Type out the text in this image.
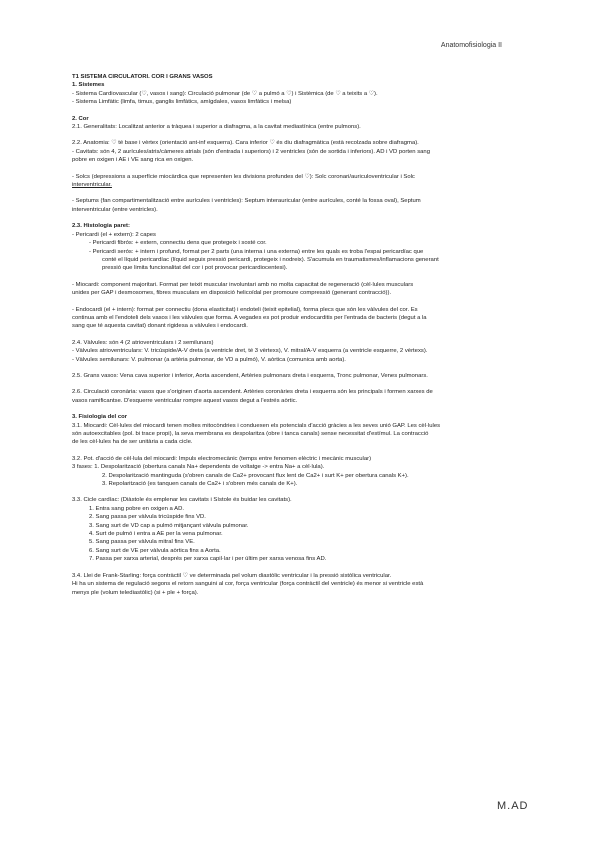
Anatomofisiologia II

T1 SISTEMA CIRCULATORI. COR I GRANS VASOS

1. Sistemes

- Sistema Cardiovascular (♡, vasos i sang): Circulació pulmonar (de ♡ a pulmó a ♡) i Sistèmica (de ♡ a teixits a ♡).

- Sistema Limfàtic (limfa, timus, ganglis limfàtics, amígdales, vasos limfàtics i melsa)

2. Cor

2.1. Generalitats: Localitzat anterior a tràquea i superior a diafragma, a la cavitat mediastínica (entre pulmons).

2.2. Anatomia: ♡ té base i vèrtex (orientació ant-inf esquerra). Cara inferior ♡ és diu diafragmàtica (està recolzada sobre diafragma).

- Cavitats: són 4, 2 aurícules/atris/càmeres atrials (són d'entrada i superiors) i 2 ventricles (són de sortida i inferiors). AD i VD porten sang

pobre en oxigen i AE i VE sang rica en oxigen.

- Solcs (depressions a superfície miocàrdica que representen les divisions profundes del ♡): Solc coronari/auriculoventricular i Solc

interventricular.

- Septums (fan compartimentalització entre aurícules i ventricles): Septum interauricular (entre aurícules, conté la fossa oval), Septum

interventricular (entre ventricles).

2.3. Histologia paret:

- Pericardi (el + extern): 2 capes

- Pericardi fibrós: + extern, connectiu dens que protegeix i sosté cor.

- Pericardi serós: + intern i profund, format per 2 parts (una interna i una externa) entre les quals es troba l'espai pericardíac que

conté el líquid pericardíac (líquid seguix pressió pericardi, protegeix i nodreix). S'acumula en traumatismes/inflamacions generant

pressió que limita funcionalitat del cor i pot provocar pericardiocentesi).

- Miocardi: component majoritari. Format per teixit muscular involuntari amb no molta capacitat de regeneració (cèl·lules musculars

unides per GAP i desmosomes, fibres musculars en disposició helicoïdal per promoure compressió (generant contracció)).

- Endocardi (el + intern): format per connectiu (dona elasticitat) i endoteli (teixit epitelial), forma plecs que són les vàlvules del cor. Es

continua amb el l'endoteli dels vasos i les vàlvules que forma. A vegades es pot produir endocarditis per l'entrada de bacteris (degut a la

sang que té aquesta cavitat) donant rigidesa a vàlvules i endocardi.

2.4. Vàlvules: són 4 (2 atrioventriculars i 2 semilunars)

- Vàlvules atrioventriculars: V. tricúspide/A-V dreta (a ventricle dret, té 3 vèrtexs), V. mitral/A-V esquerra (a ventricle esquerre, 2 vèrtexs).

- Vàlvules semilunars: V. pulmonar (a artèria pulmonar, de VD a pulmó), V. aòrtica (comunica amb aorta).

2.5. Grans vasos: Vena cava superior i inferior, Aorta ascendent, Artèries pulmonars dreta i esquerra, Tronc pulmonar, Venes pulmonars.

2.6. Circulació coronària: vasos que s'originen d'aorta ascendent. Artèries coronàries dreta i esquerra són les principals i formen xarxes de

vasos ramificantse. D'esquerre ventricular rompre aquest vasos degut a l'estrés aòrtic.

3. Fisiologia del cor

3.1. Miocardi: Cèl·lules del miocardi tenen moltes mitocòndries i conduexen els potencials d'acció gràcies a les seves unió GAP. Les cèl·lules

són autoexcitables (pol. bi trace propi), la seva membrana es despolaritza (obre i tanca canals) sense necessitat d'estímul. La contracció

de les cèl·lules ha de ser unitària a cada cicle.

3.2. Pot. d'acció de cèl·lula del miocardi: Impuls electromecànic (temps entre fenomen elèctric i mecànic muscular)

3 fases: 1. Despolarització (obertura canals Na+ dependents de voltatge -> entra Na+ a cèl·lula).

2. Despolarització mantinguda (s'obren canals de Ca2+ provocant flux lent de Ca2+ i surt K+ per obertura canals K+).

3. Repolarització (es tanquen canals de Ca2+ i s'obren més canals de K+).

3.3. Cicle cardíac: (Diàstole és emplenar les cavitats i Sístole és buidar les cavitats).

1. Entra sang pobre en oxigen a AD.

2. Sang passa per vàlvula tricúspide fins VD.

3. Sang surt de VD cap a pulmó mitjançant vàlvula pulmonar.

4. Surt de pulmó i entra a AE per la vena pulmonar.

5. Sang passa per vàlvula mitral fins VE.

6. Sang surt de VE per vàlvula aòrtica fins a Aorta.

7. Passa per xarxa arterial, després per xarxa capil·lar i per últim per xarxa venosa fins AD.

3.4. Llei de Frank-Starling: força contràctil ♡ ve determinada pel volum diastòlic ventricular i la pressió sistòlica ventricular.

Hi ha un sistema de regulació segons el retorn sanguini al cor, força ventricular (força contràctil del ventricle) és menor si ventricle està

menys ple (volum telediastòlic) (si + ple + força).

M.AD
